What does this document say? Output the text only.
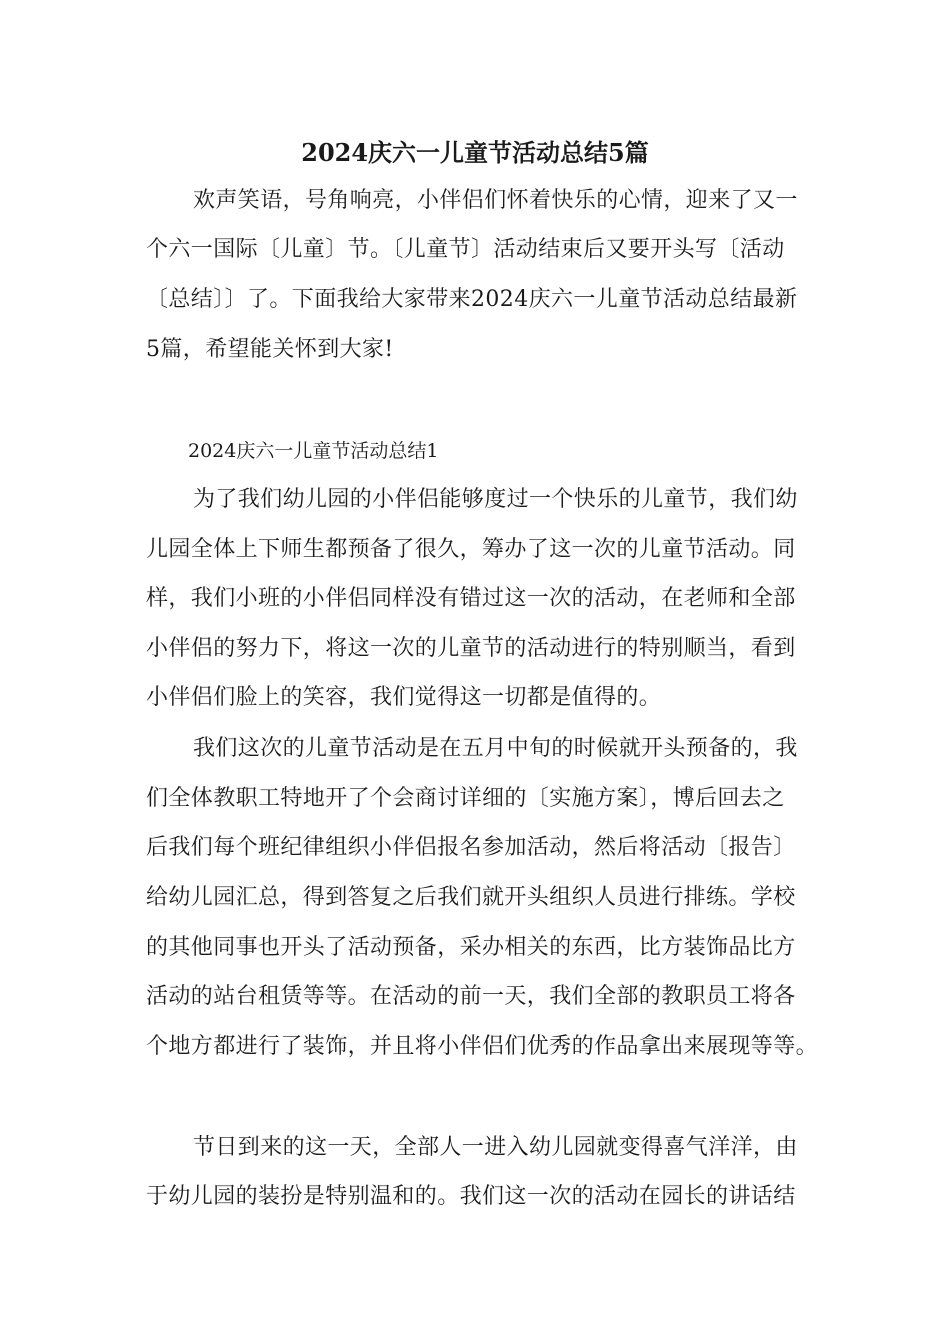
2024庆六一儿童节活动总结5篇
欢声笑语，号角响亮，小伴侣们怀着快乐的心情，迎来了又一
个六一国际〔儿童〕节。〔儿童节〕活动结束后又要开头写〔活动
〔总结〕〕了。下面我给大家带来2024庆六一儿童节活动总结最新
5篇，希望能关怀到大家!
2024庆六一儿童节活动总结1
为了我们幼儿园的小伴侣能够度过一个快乐的儿童节，我们幼
儿园全体上下师生都预备了很久，筹办了这一次的儿童节活动。同
样，我们小班的小伴侣同样没有错过这一次的活动，在老师和全部
小伴侣的努力下，将这一次的儿童节的活动进行的特别顺当，看到
小伴侣们脸上的笑容，我们觉得这一切都是值得的。
我们这次的儿童节活动是在五月中旬的时候就开头预备的，我
们全体教职工特地开了个会商讨详细的〔实施方案〕，博后回去之
后我们每个班纪律组织小伴侣报名参加活动，然后将活动〔报告〕
给幼儿园汇总，得到答复之后我们就开头组织人员进行排练。学校
的其他同事也开头了活动预备，采办相关的东西，比方装饰品比方
活动的站台租赁等等。在活动的前一天，我们全部的教职员工将各
个地方都进行了装饰，并且将小伴侣们优秀的作品拿出来展现等等。
节日到来的这一天，全部人一进入幼儿园就变得喜气洋洋，由
于幼儿园的装扮是特别温和的。我们这一次的活动在园长的讲话结
